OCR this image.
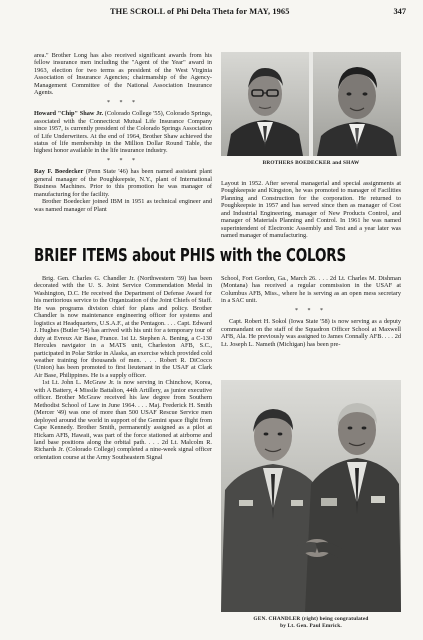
THE SCROLL of Phi Delta Theta for MAY, 1965	347

area." Brother Long has also received significant awards from his fellow insurance men including the "Agent of the Year" award in 1963, election for two terms as president of the West Virginia Association of Insurance Agencies; chairmanship of the Agency-Management Committee of the National Association Insurance Agents.

* * *

Howard "Chip" Shaw Jr. (Colorado College '55), Colorado Springs, associated with the Connecticut Mutual Life Insurance Company since 1957, is currently president of the Colorado Springs Association of Life Underwriters. At the end of 1964, Brother Shaw achieved the status of life membership in the Million Dollar Round Table, the highest honor available in the life insurance industry.

* * *

Ray F. Boedecker (Penn State '46) has been named assistant plant general manager of the Poughkeepsie, N.Y., plant of International Business Machines. Prior to this promotion he was manager of manufacturing for the facility.

Brother Boedecker joined IBM in 1951 as technical engineer and was named manager of Plant

BROTHERS BOEDECKER and SHAW

Layout in 1952. After several managerial and special assignments at Poughkeepsie and Kingston, he was promoted to manager of Facilities Planning and Construction for the corporation. He returned to Poughkeepsie in 1957 and has served since then as manager of Cost and Industrial Engineering, manager of New Products Control, and manager of Materials Planning and Control. In 1961 he was named superintendent of Electronic Assembly and Test and a year later was named manager of manufacturing.

BRIEF ITEMS about PHIS with the COLORS

Brig. Gen. Charles G. Chandler Jr. (Northwestern '39) has been decorated with the U. S. Joint Service Commendation Medal in Washington, D.C. He received the Department of Defense Award for his meritorious service to the Organization of the Joint Chiefs of Staff. He was programs division chief for plans and policy. Brother Chandler is now maintenance engineering officer for systems and logistics at Headquarters, U.S.A.F., at the Pentagon. . . . Capt. Edward J. Hughes (Butler '54) has arrived with his unit for a temporary tour of duty at Evreux Air Base, France. 1st Lt. Stephen A. Bening, a C-130 Hercules navigator in a MATS unit, Charleston AFB, S.C., participated in Polar Strike in Alaska, an exercise which provided cold weather training for thousands of men. . . . Robert R. DiCocco (Union) has been promoted to first lieutenant in the USAF at Clark Air Base, Philippines. He is a supply officer.

1st Lt. John L. McGraw Jr. is now serving in Chinchow, Korea, with A Battery, 4 Missile Battalion, 44th Artillery, as junior executive officer. Brother McGraw received his law degree from Southern Methodist School of Law in June 1964. . . . Maj. Frederick H. Smith (Mercer '49) was one of more than 500 USAF Rescue Service men deployed around the world in support of the Gemini space flight from Cape Kennedy. Brother Smith, permanently assigned as a pilot at Hickam AFB, Hawaii, was part of the force stationed at airborne and land base positions along the orbital path. . . . 2d Lt. Malcolm R. Richards Jr. (Colorado College) completed a nine-week signal officer orientation course at the Army Southeastern Signal

School, Fort Gordon, Ga., March 26. . . . 2d Lt. Charles M. Dishman (Montana) has received a regular commission in the USAF at Columbus AFB, Miss., where he is serving as an open mess secretary in a SAC unit.

* * *

Capt. Robert H. Sokol (Iowa State '58) is now serving as a deputy commandant on the staff of the Squadron Officer School at Maxwell AFB, Ala. He previously was assigned to James Connally AFB. . . . 2d Lt. Joseph L. Nameth (Michigan) has been pre-

GEN. CHANDLER (right) being congratulated
by Lt. Gen. Paul Emrick.
